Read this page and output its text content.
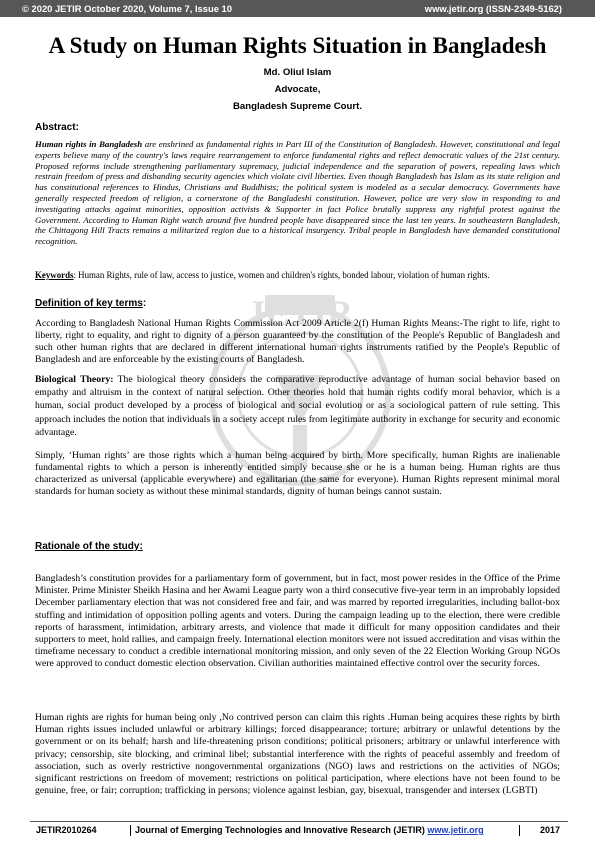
© 2020 JETIR October 2020, Volume 7, Issue 10	www.jetir.org (ISSN-2349-5162)
A Study on Human Rights Situation in Bangladesh
Md. Oliul Islam
Advocate,
Bangladesh Supreme Court.
JETIR
Abstract:

Human rights in Bangladesh are enshrined as fundamental rights in Part III of the Constitution of Bangladesh. However, constitutional and legal experts believe many of the country's laws require rearrangement to enforce fundamental rights and reflect democratic values of the 21st century. Proposed reforms include strengthening parliamentary supremacy, judicial independence and the separation of powers, repealing laws which restrain freedom of press and disbanding security agencies which violate civil liberties. Even though Bangladesh has Islam as its state religion and has constitutional references to Hindus, Christians and Buddhists; the political system is modeled as a secular democracy. Governments have generally respected freedom of religion, a cornerstone of the Bangladeshi constitution. However, police are very slow in responding to and investigating attacks against minorities, opposition activists & Supporter in fact Police brutally suppress any rightful protest against the Government. According to Human Right watch around five hundred people have disappeared since the last ten years. In southeastern Bangladesh, the Chittagong Hill Tracts remains a militarized region due to a historical insurgency. Tribal people in Bangladesh have demanded constitutional recognition.

Keywords: Human Rights, rule of law, access to justice, women and children's rights, bonded labour, violation of human rights.

Definition of key terms:

According to Bangladesh National Human Rights Commission Act 2009 Article 2(f) Human Rights Means:-The right to life, right to liberty, right to equality, and right to dignity of a person guaranteed by the constitution of the People's Republic of Bangladesh and such other human rights that are declared in different international human rights instruments ratified by the People's Republic of Bangladesh and are enforceable by the existing courts of Bangladesh.

Biological Theory: The biological theory considers the comparative reproductive advantage of human social behavior based on empathy and altruism in the context of natural selection. Other theories hold that human rights codify moral behavior, which is a human, social product developed by a process of biological and social evolution or as a sociological pattern of rule setting. This approach includes the notion that individuals in a society accept rules from legitimate authority in exchange for security and economic advantage.

Simply, ‘Human rights’ are those rights which a human being acquired by birth. More specifically, human Rights are inalienable fundamental rights to which a person is inherently entitled simply because she or he is a human being. Human rights are thus characterized as universal (applicable everywhere) and egalitarian (the same for everyone). Human Rights represent minimal moral standards for human society as without these minimal standards, dignity of human beings cannot sustain.

Rationale of the study:

Bangladesh’s constitution provides for a parliamentary form of government, but in fact, most power resides in the Office of the Prime Minister. Prime Minister Sheikh Hasina and her Awami League party won a third consecutive five-year term in an improbably lopsided December parliamentary election that was not considered free and fair, and was marred by reported irregularities, including ballot-box stuffing and intimidation of opposition polling agents and voters. During the campaign leading up to the election, there were credible reports of harassment, intimidation, arbitrary arrests, and violence that made it difficult for many opposition candidates and their supporters to meet, hold rallies, and campaign freely. International election monitors were not issued accreditation and visas within the timeframe necessary to conduct a credible international monitoring mission, and only seven of the 22 Election Working Group NGOs were approved to conduct domestic election observation. Civilian authorities maintained effective control over the security forces.

Human rights are rights for human being only ,No contrived person can claim this rights .Human being acquires these rights by birth Human rights issues included unlawful or arbitrary killings; forced disappearance; torture; arbitrary or unlawful detentions by the government or on its behalf; harsh and life-threatening prison conditions; political prisoners; arbitrary or unlawful interference with privacy; censorship, site blocking, and criminal libel; substantial interference with the rights of peaceful assembly and freedom of association, such as overly restrictive nongovernmental organizations (NGO) laws and restrictions on the activities of NGOs; significant restrictions on freedom of movement; restrictions on political participation, where elections have not been found to be genuine, free, or fair; corruption; trafficking in persons; violence against lesbian, gay, bisexual, transgender and intersex (LGBTI)

JETIR2010264	Journal of Emerging Technologies and Innovative Research (JETIR) www.jetir.org	2017
